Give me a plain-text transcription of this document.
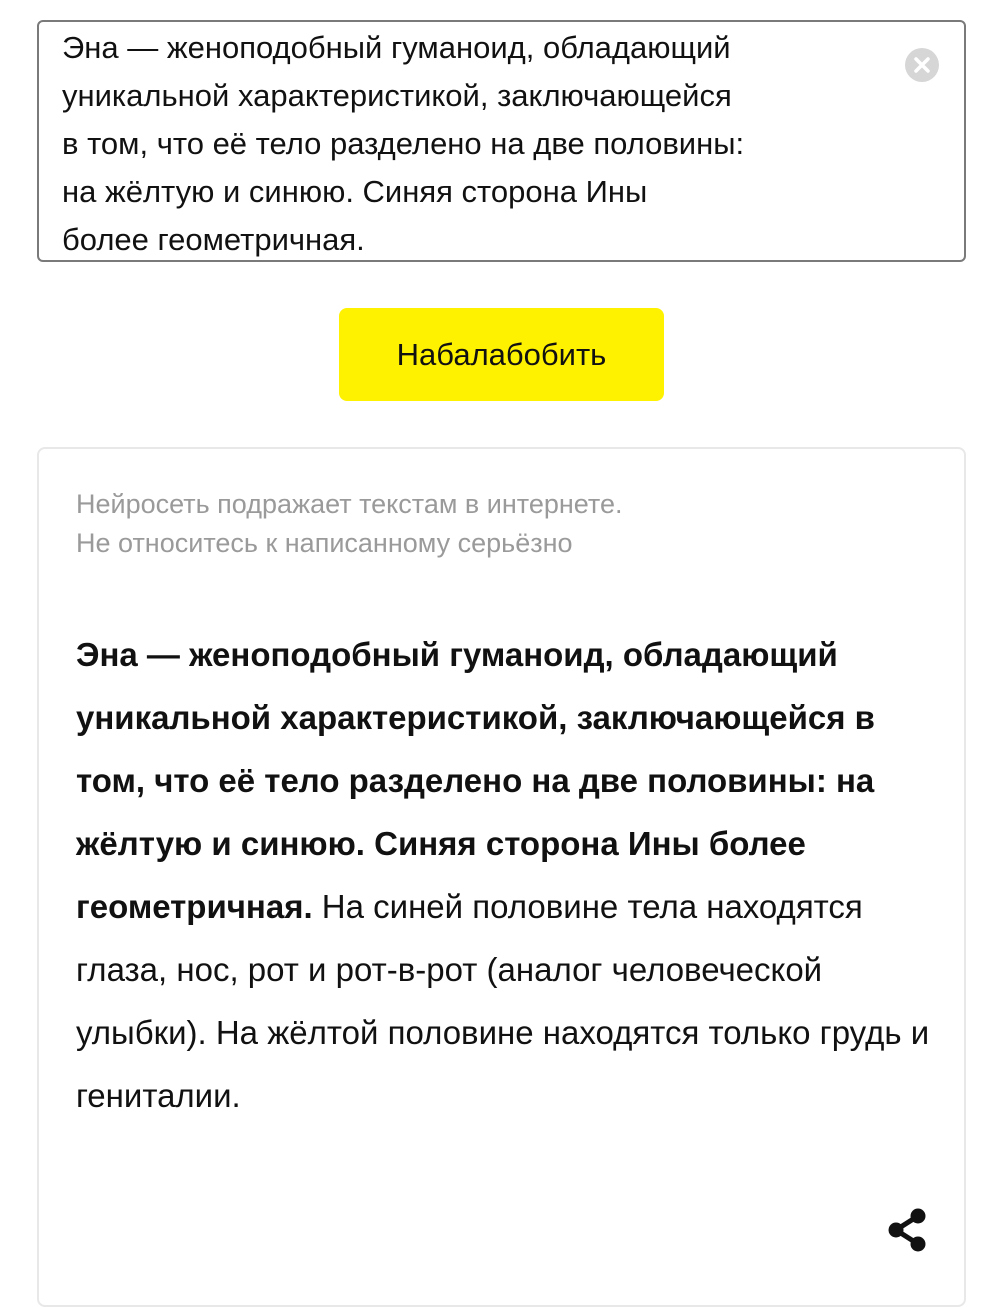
Эна — женоподобный гуманоид, обладающий
уникальной характеристикой, заключающейся
в том, что её тело разделено на две половины:
на жёлтую и синюю. Синяя сторона Ины
более геометричная.
Набалабобить
Нейросеть подражает текстам в интернете.
Не относитесь к написанному серьёзно
Эна — женоподобный гуманоид, обладающий уникальной характеристикой, заключающейся в том, что её тело разделено на две половины: на жёлтую и синюю. Синяя сторона Ины более геометричная. На синей половине тела находятся глаза, нос, рот и рот-в-рот (аналог человеческой улыбки). На жёлтой половине находятся только грудь и гениталии.
